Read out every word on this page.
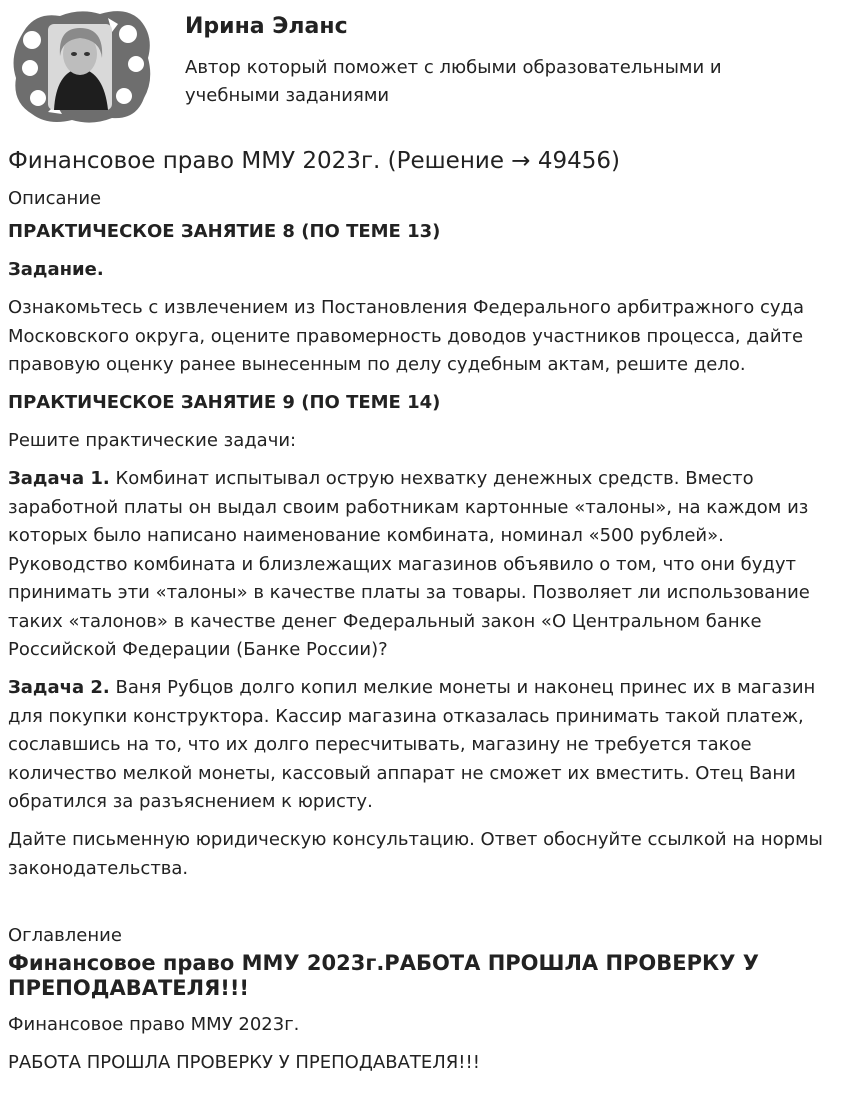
Ирина Эланс
Автор который поможет с любыми образовательными и учебными заданиями
Финансовое право ММУ 2023г. (Решение → 49456)
Описание

ПРАКТИЧЕСКОЕ ЗАНЯТИЕ 8 (ПО ТЕМЕ 13)

Задание.

Ознакомьтесь с извлечением из Постановления Федерального арбитражного суда Московского округа, оцените правомерность доводов участников процесса, дайте правовую оценку ранее вынесенным по делу судебным актам, решите дело.

ПРАКТИЧЕСКОЕ ЗАНЯТИЕ 9 (ПО ТЕМЕ 14)

Решите практические задачи:

Задача 1. Комбинат испытывал острую нехватку денежных средств. Вместо заработной платы он выдал своим работникам картонные «талоны», на каждом из которых было написано наименование комбината, номинал «500 рублей». Руководство комбината и близлежащих магазинов объявило о том, что они будут принимать эти «талоны» в качестве платы за товары. Позволяет ли использование таких «талонов» в качестве денег Федеральный закон «О Центральном банке Российской Федерации (Банке России)?

Задача 2. Ваня Рубцов долго копил мелкие монеты и наконец принес их в магазин для покупки конструктора. Кассир магазина отказалась принимать такой платеж, сославшись на то, что их долго пересчитывать, магазину не требуется такое количество мелкой монеты, кассовый аппарат не сможет их вместить. Отец Вани обратился за разъяснением к юристу.

Дайте письменную юридическую консультацию. Ответ обоснуйте ссылкой на нормы законодательства.

Оглавление
Финансовое право ММУ 2023г.РАБОТА ПРОШЛА ПРОВЕРКУ У ПРЕПОДАВАТЕЛЯ!!!
Финансовое право ММУ 2023г.
РАБОТА ПРОШЛА ПРОВЕРКУ У ПРЕПОДАВАТЕЛЯ!!!
